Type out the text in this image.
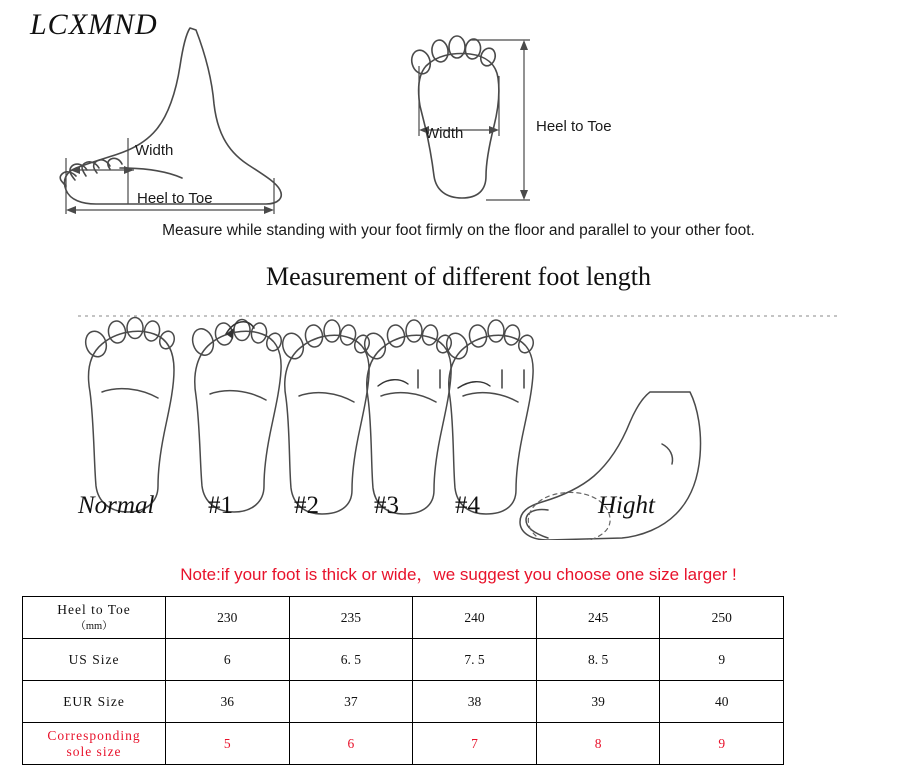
LCXMND
Width
Heel to Toe
Width	Heel to Toe
Measure while standing with your foot firmly on the floor and parallel to your other foot.
Measurement of different foot length
Normal #1 #2 #3 #4	Hight
Note:if your foot is thick or wide，we suggest you choose one size larger !
Heel to Toe
（mm）	230	235	240	245	250
US Size	6	6. 5	7. 5	8. 5	9
EUR Size	36	37	38	39	40

Corresponding
sole size	5	6	7	8	9
